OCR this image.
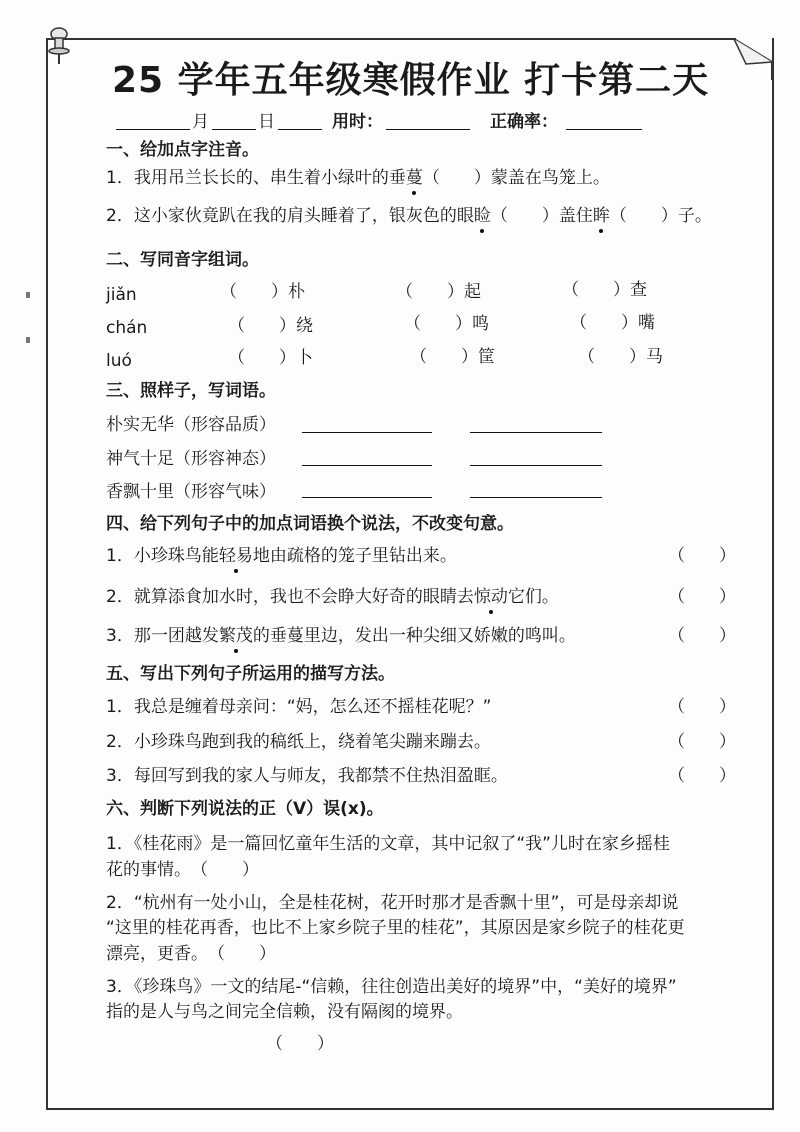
25 学年五年级寒假作业 打卡第二天
月	日	用时：	正确率：
一、给加点字注音。
1．我用吊兰长长的、串生着小绿叶的垂蔓（　　）蒙盖在鸟笼上。
2．这小家伙竟趴在我的肩头睡着了，银灰色的眼睑（　　）盖住眸（　　）子。
二、写同音字组词。
jiǎn	（　　）朴	（　　）起	（　　）查
chán	（　　）绕	（　　）鸣	（　　）嘴
luó	（　　）卜	（　　）筐	（　　）马
三、照样子，写词语。
朴实无华（形容品质）
神气十足（形容神态）
香飘十里（形容气味）
四、给下列句子中的加点词语换个说法，不改变句意。
1．小珍珠鸟能轻易地由疏格的笼子里钻出来。	（　　）
2．就算添食加水时，我也不会睁大好奇的眼睛去惊动它们。	（　　）
3．那一团越发繁茂的垂蔓里边，发出一种尖细又娇嫩的鸣叫。	（　　）
五、写出下列句子所运用的描写方法。
1．我总是缠着母亲问：“妈，怎么还不摇桂花呢？”	（　　）
2．小珍珠鸟跑到我的稿纸上，绕着笔尖蹦来蹦去。	（　　）
3．每回写到我的家人与师友，我都禁不住热泪盈眶。	（　　）
六、判断下列说法的正（V）误(x)。
1．《桂花雨》是一篇回忆童年生活的文章，其中记叙了“我”儿时在家乡摇桂
花的事情。　（　　）
2．“杭州有一处小山，全是桂花树，花开时那才是香飘十里”，可是母亲却说
“这里的桂花再香，也比不上家乡院子里的桂花”，其原因是家乡院子的桂花更
漂亮，更香。　（　　）
3．《珍珠鸟》一文的结尾-“信赖，往往创造出美好的境界”中，“美好的境界”
指的是人与鸟之间完全信赖，没有隔阂的境界。
（　　）
